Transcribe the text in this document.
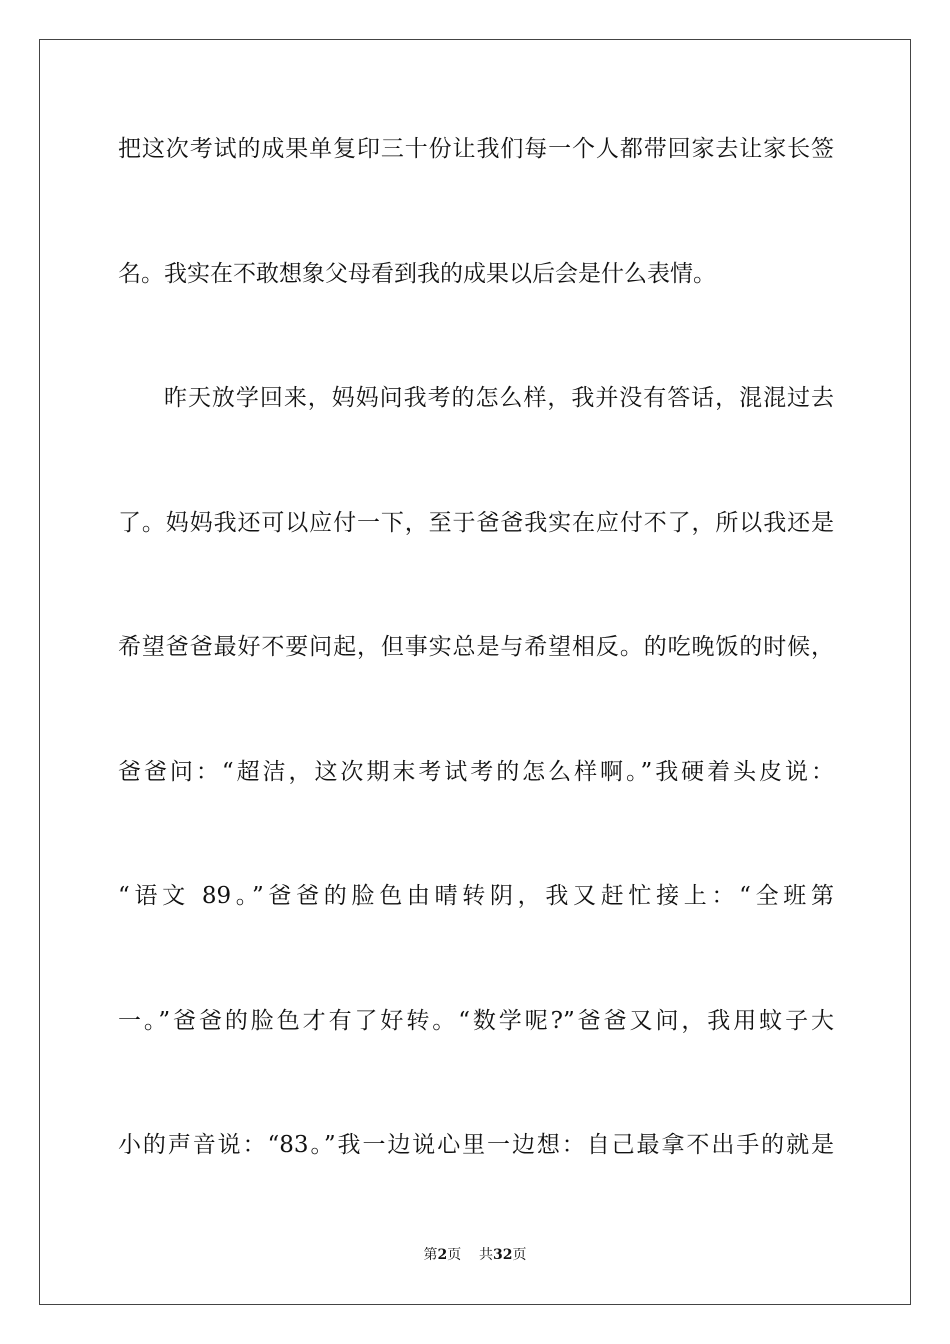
把这次考试的成果单复印三十份让我们每一个人都带回家去让家长签

名。我实在不敢想象父母看到我的成果以后会是什么表情。

昨天放学回来，妈妈问我考的怎么样，我并没有答话，混混过去

了。妈妈我还可以应付一下，至于爸爸我实在应付不了，所以我还是

希望爸爸最好不要问起，但事实总是与希望相反。的吃晚饭的时候，

爸爸问：“超洁，这次期末考试考的怎么样啊。”我硬着头皮说：

“语文 89。”爸爸的脸色由晴转阴，我又赶忙接上：“全班第

一。”爸爸的脸色才有了好转。“数学呢?”爸爸又问，我用蚊子大

小的声音说：“83。”我一边说心里一边想：自己最拿不出手的就是

第2页 共32页
